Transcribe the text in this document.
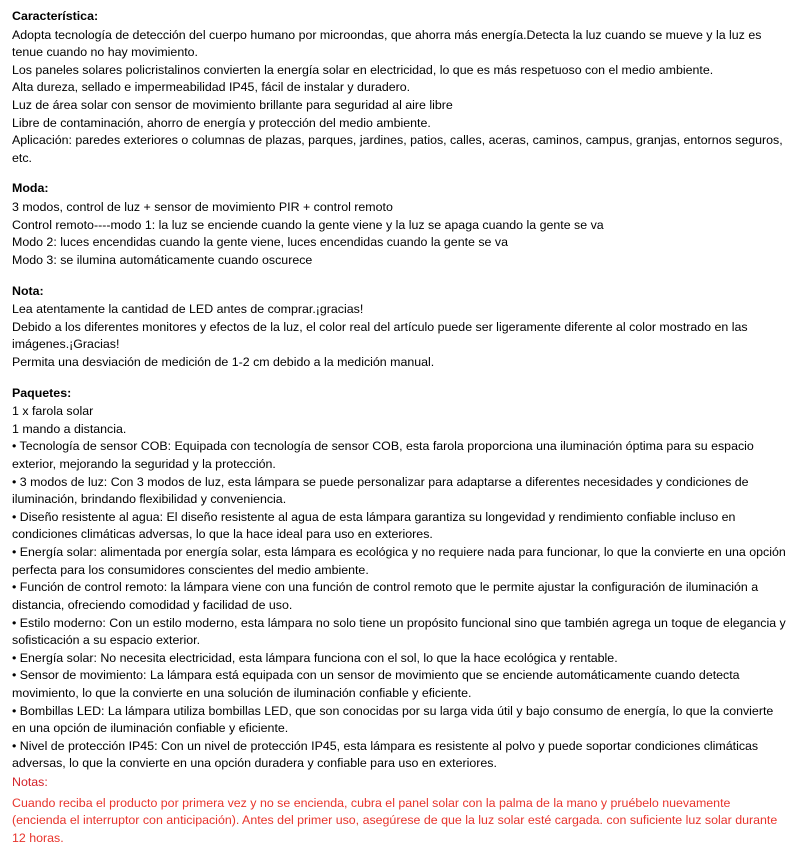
Característica:
Adopta tecnología de detección del cuerpo humano por microondas, que ahorra más energía.Detecta la luz cuando se mueve y la luz es tenue cuando no hay movimiento.
Los paneles solares policristalinos convierten la energía solar en electricidad, lo que es más respetuoso con el medio ambiente.
Alta dureza, sellado e impermeabilidad IP45, fácil de instalar y duradero.
Luz de área solar con sensor de movimiento brillante para seguridad al aire libre
Libre de contaminación, ahorro de energía y protección del medio ambiente.
Aplicación: paredes exteriores o columnas de plazas, parques, jardines, patios, calles, aceras, caminos, campus, granjas, entornos seguros, etc.
Moda:
3 modos, control de luz + sensor de movimiento PIR + control remoto
Control remoto----modo 1: la luz se enciende cuando la gente viene y la luz se apaga cuando la gente se va
Modo 2: luces encendidas cuando la gente viene, luces encendidas cuando la gente se va
Modo 3: se ilumina automáticamente cuando oscurece
Nota:
Lea atentamente la cantidad de LED antes de comprar.¡gracias!
Debido a los diferentes monitores y efectos de la luz, el color real del artículo puede ser ligeramente diferente al color mostrado en las imágenes.¡Gracias!
Permita una desviación de medición de 1-2 cm debido a la medición manual.
Paquetes:
1 x farola solar
1 mando a distancia.
• Tecnología de sensor COB: Equipada con tecnología de sensor COB, esta farola proporciona una iluminación óptima para su espacio exterior, mejorando la seguridad y la protección.
• 3 modos de luz: Con 3 modos de luz, esta lámpara se puede personalizar para adaptarse a diferentes necesidades y condiciones de iluminación, brindando flexibilidad y conveniencia.
• Diseño resistente al agua: El diseño resistente al agua de esta lámpara garantiza su longevidad y rendimiento confiable incluso en condiciones climáticas adversas, lo que la hace ideal para uso en exteriores.
• Energía solar: alimentada por energía solar, esta lámpara es ecológica y no requiere nada para funcionar, lo que la convierte en una opción perfecta para los consumidores conscientes del medio ambiente.
• Función de control remoto: la lámpara viene con una función de control remoto que le permite ajustar la configuración de iluminación a distancia, ofreciendo comodidad y facilidad de uso.
• Estilo moderno: Con un estilo moderno, esta lámpara no solo tiene un propósito funcional sino que también agrega un toque de elegancia y sofisticación a su espacio exterior.
• Energía solar: No necesita electricidad, esta lámpara funciona con el sol, lo que la hace ecológica y rentable.
• Sensor de movimiento: La lámpara está equipada con un sensor de movimiento que se enciende automáticamente cuando detecta movimiento, lo que la convierte en una solución de iluminación confiable y eficiente.
• Bombillas LED: La lámpara utiliza bombillas LED, que son conocidas por su larga vida útil y bajo consumo de energía, lo que la convierte en una opción de iluminación confiable y eficiente.
• Nivel de protección IP45: Con un nivel de protección IP45, esta lámpara es resistente al polvo y puede soportar condiciones climáticas adversas, lo que la convierte en una opción duradera y confiable para uso en exteriores.
Notas:
Cuando reciba el producto por primera vez y no se encienda, cubra el panel solar con la palma de la mano y pruébelo nuevamente (encienda el interruptor con anticipación). Antes del primer uso, asegúrese de que la luz solar esté cargada. con suficiente luz solar durante 12 horas.
